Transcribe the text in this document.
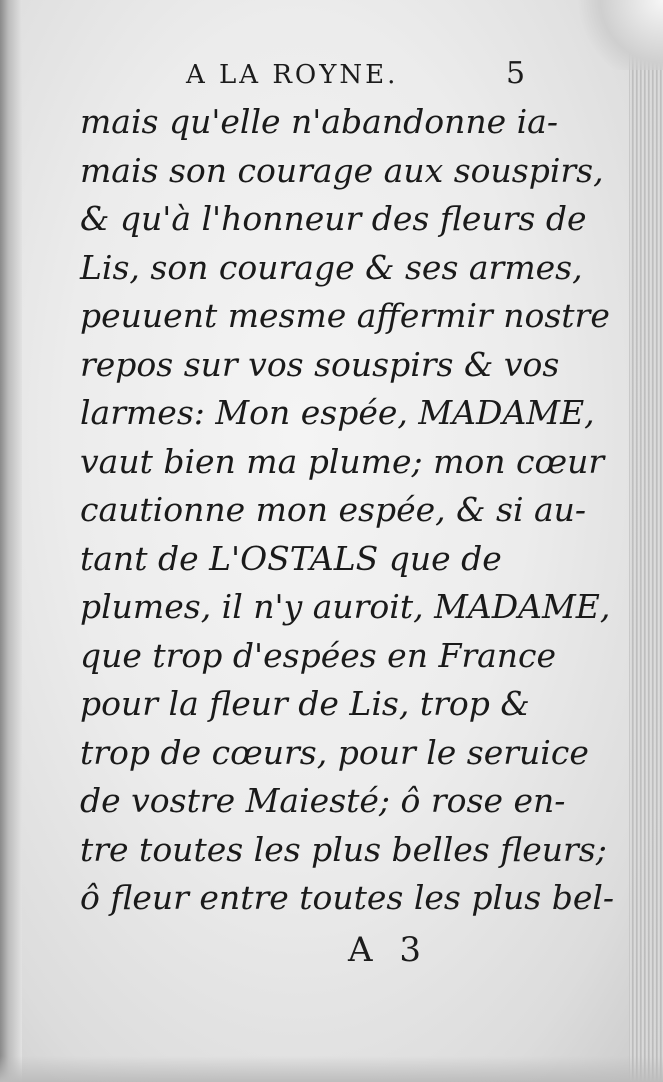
A LA ROYNE.	5
mais qu'elle n'abandonne ia-
mais son courage aux souspirs,
& qu'à l'honneur des fleurs de
Lis, son courage & ses armes,
peuuent mesme affermir nostre
repos sur vos souspirs & vos
larmes: Mon espée, MADAME,
vaut bien ma plume; mon cœur
cautionne mon espée, & si au-
tant de L'OSTALS que de
plumes, il n'y auroit, MADAME,
que trop d'espées en France
pour la fleur de Lis, trop &
trop de cœurs, pour le seruice
de vostre Maiesté; ô rose en-
tre toutes les plus belles fleurs;
ô fleur entre toutes les plus bel-
A 3
